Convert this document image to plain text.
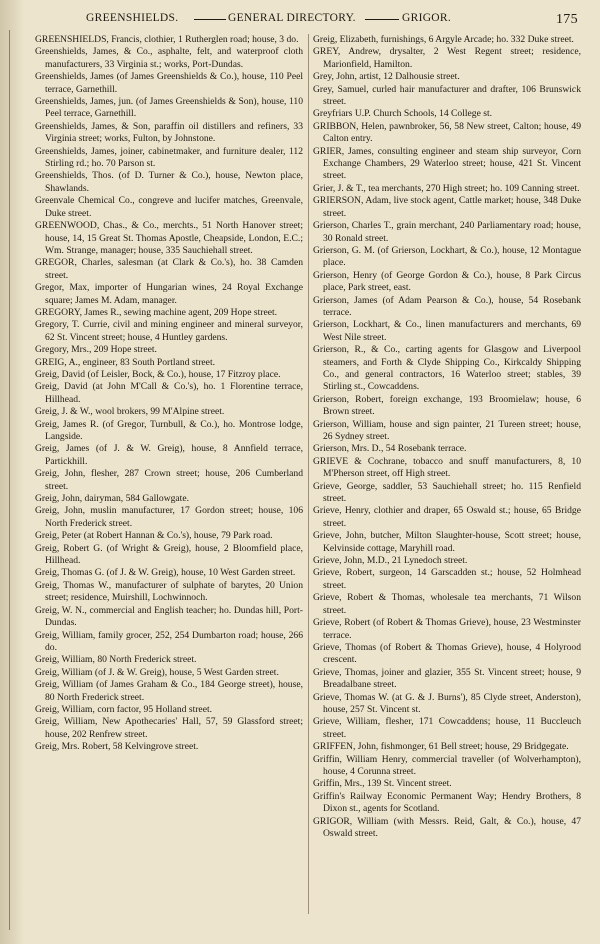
GREENSHIELDS.	GENERAL DIRECTORY.	GRIGOR.	175

GREENSHIELDS, Francis, clothier, 1 Rutherglen road; house, 3 do.

Greenshields, James, & Co., asphalte, felt, and waterproof cloth manufacturers, 33 Virginia st.; works, Port-Dundas.

Greenshields, James (of James Greenshields & Co.), house, 110 Peel terrace, Garnethill.

Greenshields, James, jun. (of James Greenshields & Son), house, 110 Peel terrace, Garnethill.

Greenshields, James, & Son, paraffin oil distillers and refiners, 33 Virginia street; works, Fulton, by Johnstone.

Greenshields, James, joiner, cabinetmaker, and furniture dealer, 112 Stirling rd.; ho. 70 Parson st.

Greenshields, Thos. (of D. Turner & Co.), house, Newton place, Shawlands.

Greenvale Chemical Co., congreve and lucifer matches, Greenvale, Duke street.

GREENWOOD, Chas., & Co., merchts., 51 North Hanover street; house, 14, 15 Great St. Thomas Apostle, Cheapside, London, E.C.; Wm. Strange, manager; house, 335 Sauchiehall street.

GREGOR, Charles, salesman (at Clark & Co.'s), ho. 38 Camden street.

Gregor, Max, importer of Hungarian wines, 24 Royal Exchange square; James M. Adam, manager.

GREGORY, James R., sewing machine agent, 209 Hope street.

Gregory, T. Currie, civil and mining engineer and mineral surveyor, 62 St. Vincent street; house, 4 Huntley gardens.

Gregory, Mrs., 209 Hope street.

GREIG, A., engineer, 83 South Portland street.

Greig, David (of Leisler, Bock, & Co.), house, 17 Fitzroy place.

Greig, David (at John M'Call & Co.'s), ho. 1 Florentine terrace, Hillhead.

Greig, J. & W., wool brokers, 99 M'Alpine street.

Greig, James R. (of Gregor, Turnbull, & Co.), ho. Montrose lodge, Langside.

Greig, James (of J. & W. Greig), house, 8 Annfield terrace, Partickhill.

Greig, John, flesher, 287 Crown street; house, 206 Cumberland street.

Greig, John, dairyman, 584 Gallowgate.

Greig, John, muslin manufacturer, 17 Gordon street; house, 106 North Frederick street.

Greig, Peter (at Robert Hannan & Co.'s), house, 79 Park road.

Greig, Robert G. (of Wright & Greig), house, 2 Bloomfield place, Hillhead.

Greig, Thomas G. (of J. & W. Greig), house, 10 West Garden street.

Greig, Thomas W., manufacturer of sulphate of barytes, 20 Union street; residence, Muirshill, Lochwinnoch.

Greig, W. N., commercial and English teacher; ho. Dundas hill, Port-Dundas.

Greig, William, family grocer, 252, 254 Dumbarton road; house, 266 do.

Greig, William, 80 North Frederick street.

Greig, William (of J. & W. Greig), house, 5 West Garden street.

Greig, William (of James Graham & Co., 184 George street), house, 80 North Frederick street.

Greig, William, corn factor, 95 Holland street.

Greig, William, New Apothecaries' Hall, 57, 59 Glassford street; house, 202 Renfrew street.

Greig, Mrs. Robert, 58 Kelvingrove street.

Greig, Elizabeth, furnishings, 6 Argyle Arcade; ho. 332 Duke street.

GREY, Andrew, drysalter, 2 West Regent street; residence, Marionfield, Hamilton.

Grey, John, artist, 12 Dalhousie street.

Grey, Samuel, curled hair manufacturer and drafter, 106 Brunswick street.

Greyfriars U.P. Church Schools, 14 College st.

GRIBBON, Helen, pawnbroker, 56, 58 New street, Calton; house, 49 Calton entry.

GRIER, James, consulting engineer and steam ship surveyor, Corn Exchange Chambers, 29 Waterloo street; house, 421 St. Vincent street.

Grier, J. & T., tea merchants, 270 High street; ho. 109 Canning street.

GRIERSON, Adam, live stock agent, Cattle market; house, 348 Duke street.

Grierson, Charles T., grain merchant, 240 Parliamentary road; house, 30 Ronald street.

Grierson, G. M. (of Grierson, Lockhart, & Co.), house, 12 Montague place.

Grierson, Henry (of George Gordon & Co.), house, 8 Park Circus place, Park street, east.

Grierson, James (of Adam Pearson & Co.), house, 54 Rosebank terrace.

Grierson, Lockhart, & Co., linen manufacturers and merchants, 69 West Nile street.

Grierson, R., & Co., carting agents for Glasgow and Liverpool steamers, and Forth & Clyde Shipping Co., Kirkcaldy Shipping Co., and general contractors, 16 Waterloo street; stables, 39 Stirling st., Cowcaddens.

Grierson, Robert, foreign exchange, 193 Broomielaw; house, 6 Brown street.

Grierson, William, house and sign painter, 21 Tureen street; house, 26 Sydney street.

Grierson, Mrs. D., 54 Rosebank terrace.

GRIEVE & Cochrane, tobacco and snuff manufacturers, 8, 10 M'Pherson street, off High street.

Grieve, George, saddler, 53 Sauchiehall street; ho. 115 Renfield street.

Grieve, Henry, clothier and draper, 65 Oswald st.; house, 65 Bridge street.

Grieve, John, butcher, Milton Slaughter-house, Scott street; house, Kelvinside cottage, Maryhill road.

Grieve, John, M.D., 21 Lynedoch street.

Grieve, Robert, surgeon, 14 Garscadden st.; house, 52 Holmhead street.

Grieve, Robert & Thomas, wholesale tea merchants, 71 Wilson street.

Grieve, Robert (of Robert & Thomas Grieve), house, 23 Westminster terrace.

Grieve, Thomas (of Robert & Thomas Grieve), house, 4 Holyrood crescent.

Grieve, Thomas, joiner and glazier, 355 St. Vincent street; house, 9 Breadalbane street.

Grieve, Thomas W. (at G. & J. Burns'), 85 Clyde street, Anderston), house, 257 St. Vincent st.

Grieve, William, flesher, 171 Cowcaddens; house, 11 Buccleuch street.

GRIFFEN, John, fishmonger, 61 Bell street; house, 29 Bridgegate.

Griffin, William Henry, commercial traveller (of Wolverhampton), house, 4 Corunna street.

Griffin, Mrs., 139 St. Vincent street.

Griffin's Railway Economic Permanent Way; Hendry Brothers, 8 Dixon st., agents for Scotland.

GRIGOR, William (with Messrs. Reid, Galt, & Co.), house, 47 Oswald street.
